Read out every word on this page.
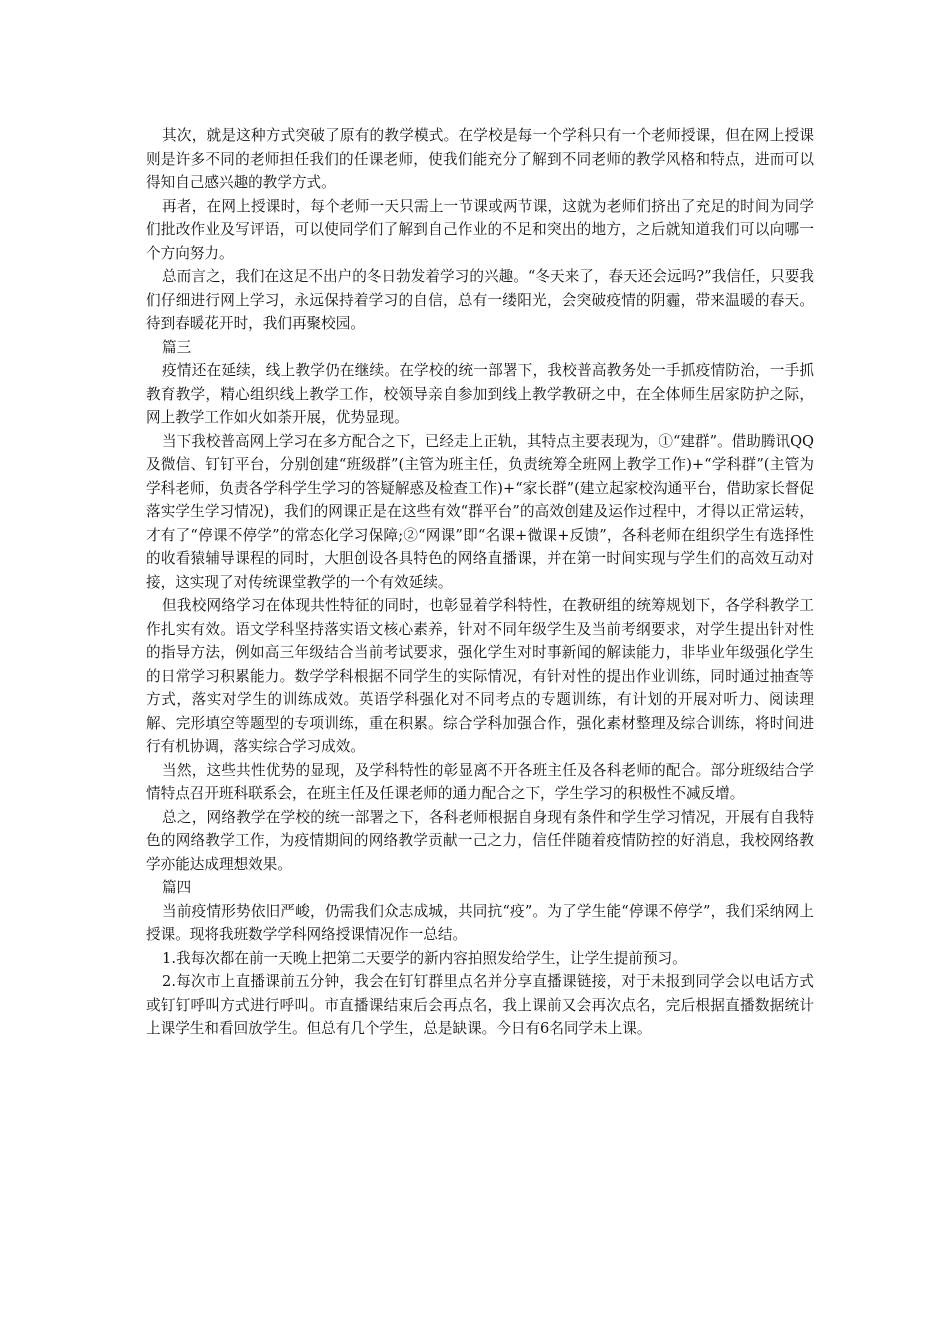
其次，就是这种方式突破了原有的教学模式。在学校是每一个学科只有一个老师授课，但在网上授课则是许多不同的老师担任我们的任课老师，使我们能充分了解到不同老师的教学风格和特点，进而可以得知自己感兴趣的教学方式。

再者，在网上授课时，每个老师一天只需上一节课或两节课，这就为老师们挤出了充足的时间为同学们批改作业及写评语，可以使同学们了解到自己作业的不足和突出的地方，之后就知道我们可以向哪一个方向努力。

总而言之，我们在这足不出户的冬日勃发着学习的兴趣。“冬天来了，春天还会远吗?”我信任，只要我们仔细进行网上学习，永远保持着学习的自信，总有一缕阳光，会突破疫情的阴霾，带来温暖的春天。待到春暖花开时，我们再聚校园。

篇三

疫情还在延续，线上教学仍在继续。在学校的统一部署下，我校普高教务处一手抓疫情防治，一手抓教育教学，精心组织线上教学工作，校领导亲自参加到线上教学教研之中，在全体师生居家防护之际，网上教学工作如火如荼开展，优势显现。

当下我校普高网上学习在多方配合之下，已经走上正轨，其特点主要表现为，①“建群”。借助腾讯QQ及微信、钉钉平台，分别创建“班级群”(主管为班主任，负责统筹全班网上教学工作)+“学科群”(主管为学科老师，负责各学科学生学习的答疑解惑及检查工作)+“家长群”(建立起家校沟通平台，借助家长督促落实学生学习情况)，我们的网课正是在这些有效“群平台”的高效创建及运作过程中，才得以正常运转，才有了“停课不停学”的常态化学习保障;②“网课”即“名课+微课+反馈”，各科老师在组织学生有选择性的收看猿辅导课程的同时，大胆创设各具特色的网络直播课，并在第一时间实现与学生们的高效互动对接，这实现了对传统课堂教学的一个有效延续。

但我校网络学习在体现共性特征的同时，也彰显着学科特性，在教研组的统筹规划下，各学科教学工作扎实有效。语文学科坚持落实语文核心素养，针对不同年级学生及当前考纲要求，对学生提出针对性的指导方法，例如高三年级结合当前考试要求，强化学生对时事新闻的解读能力，非毕业年级强化学生的日常学习积累能力。数学学科根据不同学生的实际情况，有针对性的提出作业训练，同时通过抽查等方式，落实对学生的训练成效。英语学科强化对不同考点的专题训练，有计划的开展对听力、阅读理解、完形填空等题型的专项训练，重在积累。综合学科加强合作，强化素材整理及综合训练，将时间进行有机协调，落实综合学习成效。

当然，这些共性优势的显现，及学科特性的彰显离不开各班主任及各科老师的配合。部分班级结合学情特点召开班科联系会，在班主任及任课老师的通力配合之下，学生学习的积极性不减反增。

总之，网络教学在学校的统一部署之下，各科老师根据自身现有条件和学生学习情况，开展有自我特色的网络教学工作，为疫情期间的网络教学贡献一己之力，信任伴随着疫情防控的好消息，我校网络教学亦能达成理想效果。

篇四

当前疫情形势依旧严峻，仍需我们众志成城，共同抗“疫”。为了学生能“停课不停学”，我们采纳网上授课。现将我班数学学科网络授课情况作一总结。

1.我每次都在前一天晚上把第二天要学的新内容拍照发给学生，让学生提前预习。

2.每次市上直播课前五分钟，我会在钉钉群里点名并分享直播课链接，对于未报到同学会以电话方式或钉钉呼叫方式进行呼叫。市直播课结束后会再点名，我上课前又会再次点名，完后根据直播数据统计上课学生和看回放学生。但总有几个学生，总是缺课。今日有6名同学未上课。
